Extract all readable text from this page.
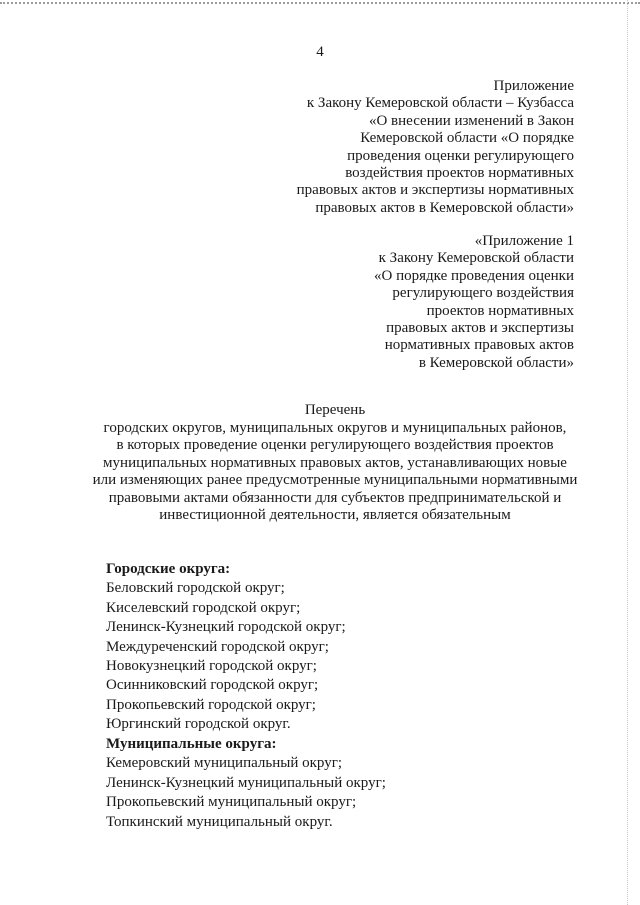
4
Приложение
к Закону Кемеровской области – Кузбасса
«О внесении изменений в Закон
Кемеровской области «О порядке
проведения оценки регулирующего
воздействия проектов нормативных
правовых актов и экспертизы нормативных
правовых актов в Кемеровской области»
«Приложение 1
к Закону Кемеровской области
«О порядке проведения оценки
регулирующего воздействия
проектов нормативных
правовых актов и экспертизы
нормативных правовых актов
в Кемеровской области»
Перечень
городских округов, муниципальных округов и муниципальных районов,
в которых проведение оценки регулирующего воздействия проектов
муниципальных нормативных правовых актов, устанавливающих новые
или изменяющих ранее предусмотренные муниципальными нормативными
правовыми актами обязанности для субъектов предпринимательской и
инвестиционной деятельности, является обязательным
Городские округа:
Беловский городской округ;
Киселевский городской округ;
Ленинск-Кузнецкий городской округ;
Междуреченский городской округ;
Новокузнецкий городской округ;
Осинниковский городской округ;
Прокопьевский городской округ;
Юргинский городской округ.
Муниципальные округа:
Кемеровский муниципальный округ;
Ленинск-Кузнецкий муниципальный округ;
Прокопьевский муниципальный округ;
Топкинский муниципальный округ.
